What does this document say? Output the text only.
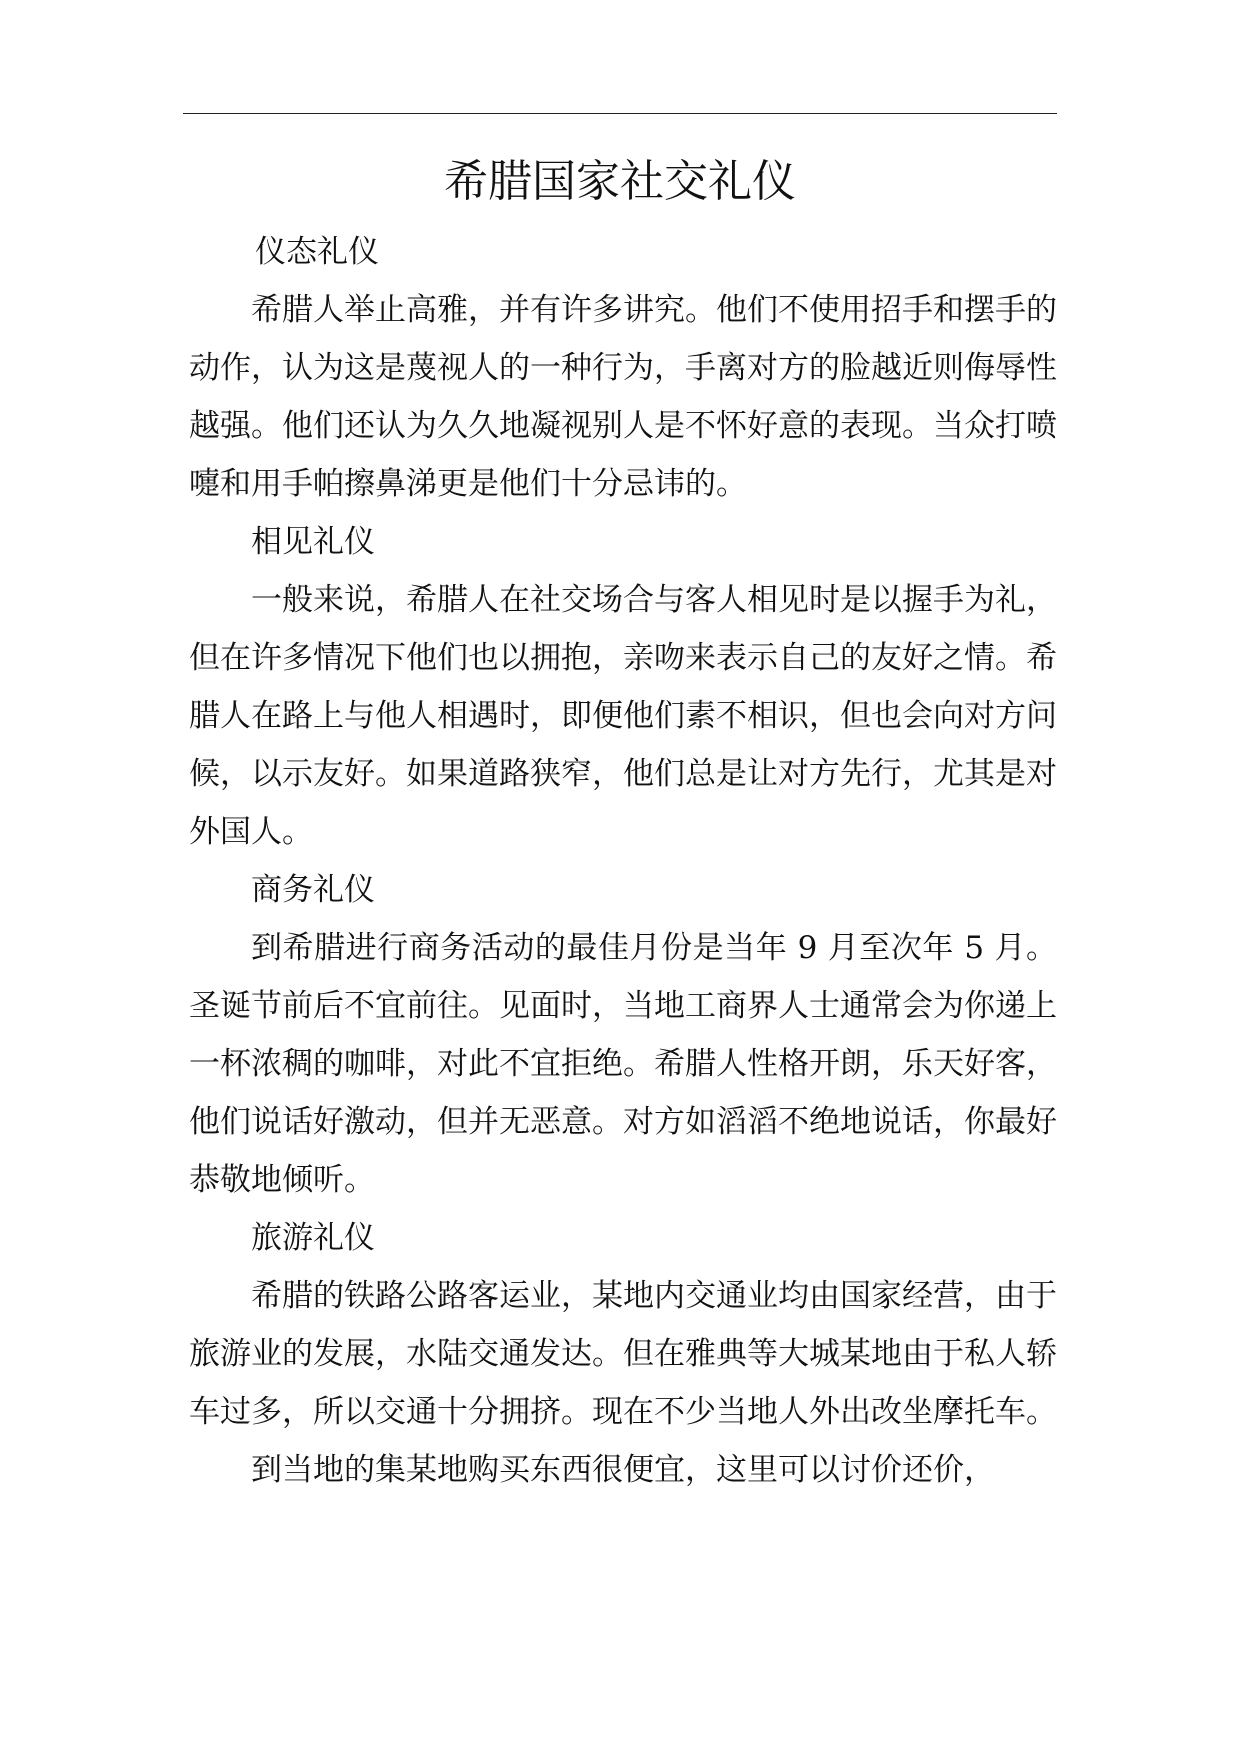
希腊国家社交礼仪

仪态礼仪

希腊人举止高雅，并有许多讲究。他们不使用招手和摆手的动作，认为这是蔑视人的一种行为，手离对方的脸越近则侮辱性越强。他们还认为久久地凝视别人是不怀好意的表现。当众打喷嚏和用手帕擦鼻涕更是他们十分忌讳的。

相见礼仪

一般来说，希腊人在社交场合与客人相见时是以握手为礼，但在许多情况下他们也以拥抱，亲吻来表示自己的友好之情。希腊人在路上与他人相遇时，即便他们素不相识，但也会向对方问候，以示友好。如果道路狭窄，他们总是让对方先行，尤其是对外国人。

商务礼仪

到希腊进行商务活动的最佳月份是当年 9 月至次年 5 月。圣诞节前后不宜前往。见面时，当地工商界人士通常会为你递上一杯浓稠的咖啡，对此不宜拒绝。希腊人性格开朗，乐天好客，他们说话好激动，但并无恶意。对方如滔滔不绝地说话，你最好恭敬地倾听。

旅游礼仪

希腊的铁路公路客运业，某地内交通业均由国家经营，由于旅游业的发展，水陆交通发达。但在雅典等大城某地由于私人轿车过多，所以交通十分拥挤。现在不少当地人外出改坐摩托车。

到当地的集某地购买东西很便宜，这里可以讨价还价，
